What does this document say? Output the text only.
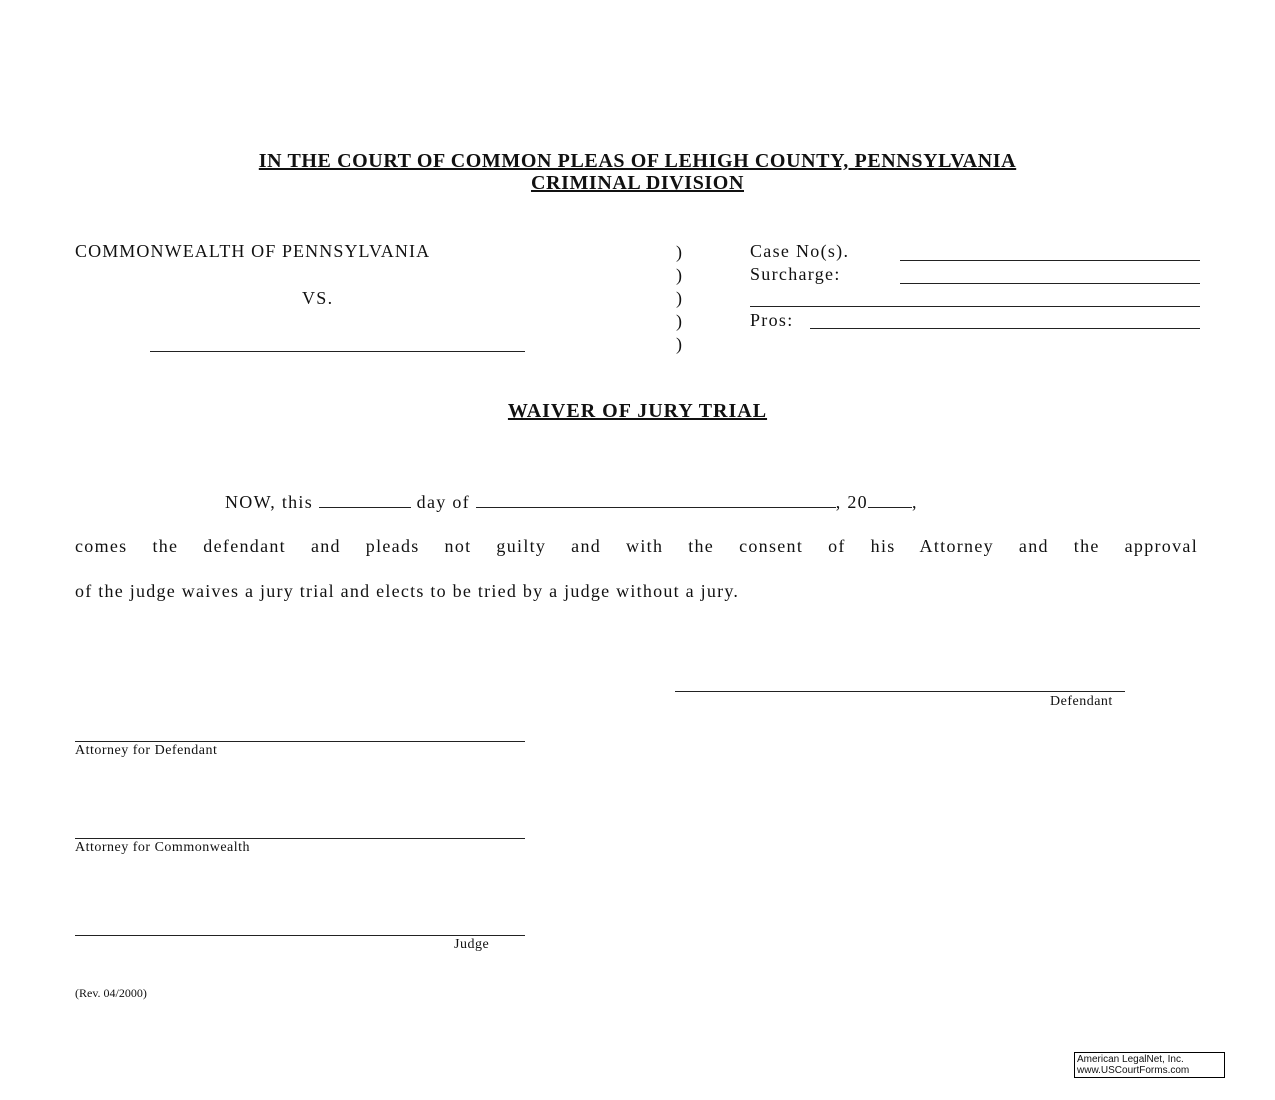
IN THE COURT OF COMMON PLEAS OF LEHIGH COUNTY, PENNSYLVANIA
CRIMINAL DIVISION
COMMONWEALTH OF PENNSYLVANIA
VS.
)
)
)
)
)
Case No(s).
Surcharge:
Pros:
WAIVER OF JURY TRIAL
NOW, this	day of	, 20 ,
comes the defendant and pleads not guilty and with the consent of his Attorney and the approval
of the judge waives a jury trial and elects to be tried by a judge without a jury.
Defendant
Attorney for Defendant
Attorney for Commonwealth
Judge
(Rev. 04/2000)
American LegalNet, Inc.
www.USCourtForms.com
